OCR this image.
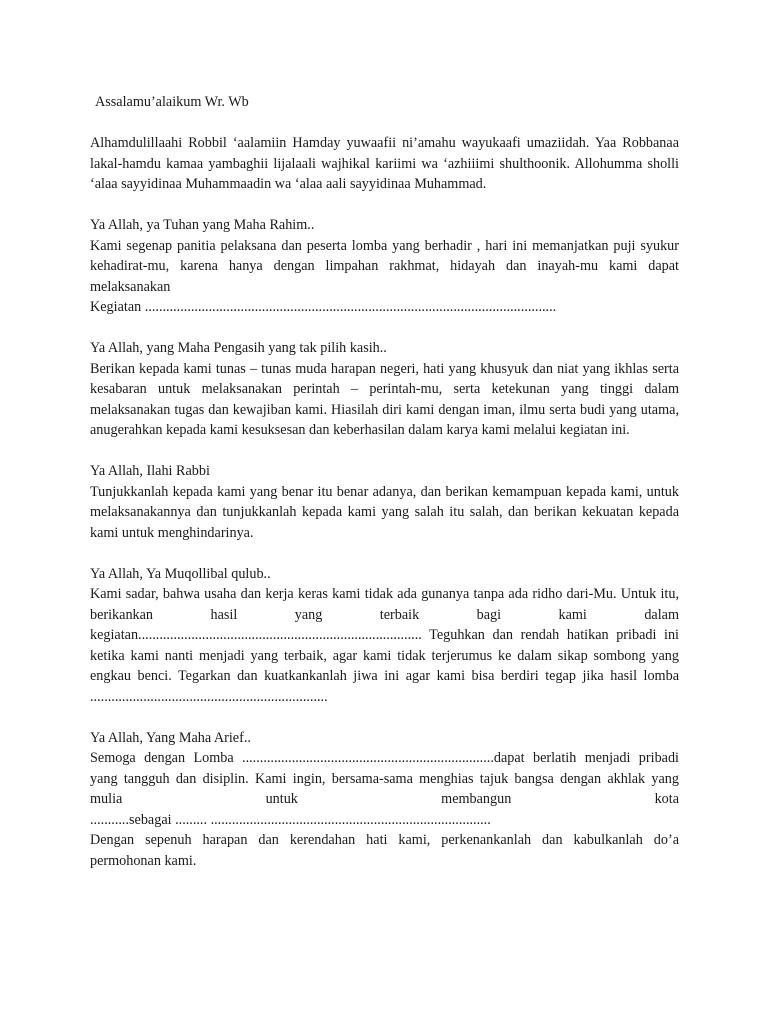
Assalamu’alaikum Wr. Wb

Alhamdulillaahi Robbil ‘aalamiin Hamday yuwaafii ni’amahu wayukaafi umaziidah. Yaa Robbanaa lakal-hamdu kamaa yambaghii lijalaali wajhikal kariimi wa ‘azhiiimi shulthoonik. Allohumma sholli ‘alaa sayyidinaa Muhammaadin wa ‘alaa aali sayyidinaa Muhammad.

Ya Allah, ya Tuhan yang Maha Rahim..
Kami segenap panitia pelaksana dan peserta lomba yang berhadir , hari ini memanjatkan puji syukur kehadirat-mu, karena hanya dengan limpahan rakhmat, hidayah dan inayah-mu kami dapat melaksanakan
Kegiatan ....................................................................................................................
Ya Allah, yang Maha Pengasih yang tak pilih kasih..
Berikan kepada kami tunas – tunas muda harapan negeri, hati yang khusyuk dan niat yang ikhlas serta kesabaran untuk melaksanakan perintah – perintah-mu, serta ketekunan yang tinggi dalam melaksanakan tugas dan kewajiban kami. Hiasilah diri kami dengan iman, ilmu serta budi yang utama, anugerahkan kepada kami kesuksesan dan keberhasilan dalam karya kami melalui kegiatan ini.
Ya Allah, Ilahi Rabbi
Tunjukkanlah kepada kami yang benar itu benar adanya, dan berikan kemampuan kepada kami, untuk melaksanakannya dan tunjukkanlah kepada kami yang salah itu salah, dan berikan kekuatan kepada kami untuk menghindarinya.
Ya Allah, Ya Muqollibal qulub..
Kami sadar, bahwa usaha dan kerja keras kami tidak ada gunanya tanpa ada ridho dari-Mu. Untuk itu, berikankan hasil yang terbaik bagi kami dalam kegiatan................................................................................ Teguhkan dan rendah hatikan pribadi ini ketika kami nanti menjadi yang terbaik, agar kami tidak terjerumus ke dalam sikap sombong yang engkau benci. Tegarkan dan kuatkankanlah jiwa ini agar kami bisa berdiri tegap jika hasil lomba ...................................................................
Ya Allah, Yang Maha Arief..
Semoga dengan Lomba .......................................................................dapat berlatih menjadi pribadi yang tangguh dan disiplin. Kami ingin, bersama-sama menghias tajuk bangsa dengan akhlak yang mulia untuk membangun kota
...........sebagai ......... ...............................................................................
Dengan sepenuh harapan dan kerendahan hati kami, perkenankanlah dan kabulkanlah do’a permohonan kami.
